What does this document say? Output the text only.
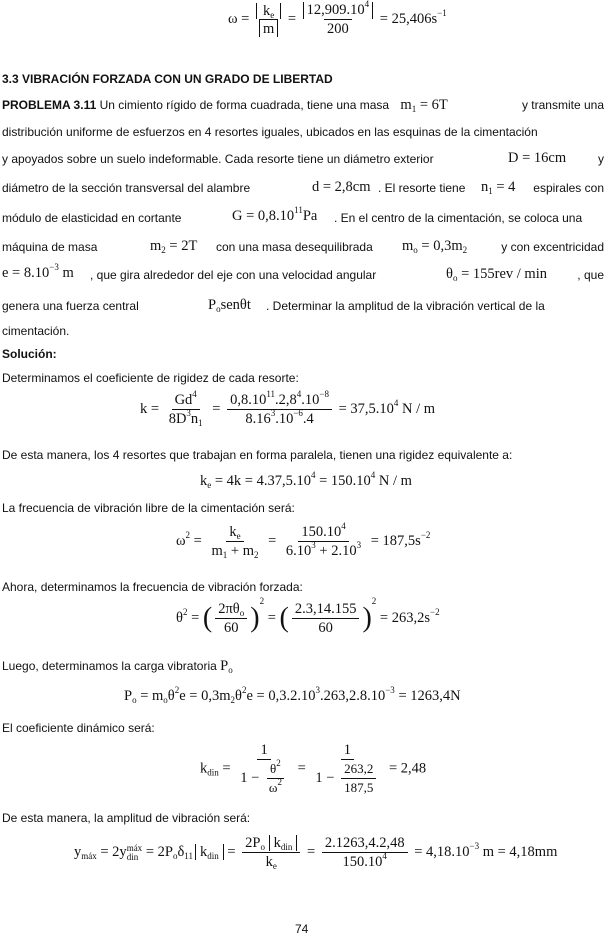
$\omega = \frac{k_e}{m} = \frac{12,909.10^4}{200} = 25,406s^{-1}$
3.3 VIBRACIÓN FORZADA CON UN GRADO DE LIBERTAD
PROBLEMA 3.11 Un cimiento rígido de forma cuadrada, tiene una masa $m_1 = 6T$	y transmite una
distribución uniforme de esfuerzos en 4 resortes iguales, ubicados en las esquinas de la cimentación
y apoyados sobre un suelo indeformable. Cada resorte tiene un diámetro exterior	D = 16cm	y
diámetro de la sección transversal del alambre	d = 2,8cm . El resorte tiene $n_1 = 4$ espirales con
módulo de elasticidad en cortante	$G = 0,8.10^{11}Pa$ . En el centro de la cimentación, se coloca una
máquina de masa	$m_2 = 2T$ con una masa desequilibrada $m_o = 0,3m_2$	y con excentricidad
$e = 8.10^{-3}$ m , que gira alrededor del eje con una velocidad angular	$\theta_o = 155rev / \min$	, que
genera una fuerza central	$P_osen\theta t$ . Determinar la amplitud de la vibración vertical de la
cimentación.
Solución:
Determinamos el coeficiente de rigidez de cada resorte:
$k = \frac{Gd^4}{8D^3n_1} = \frac{0,8.10^{11}.2,8^4.10^{-8}}{8.16^3.10^{-6}.4} = 37,5.10^4$ N / m
De esta manera, los 4 resortes que trabajan en forma paralela, tienen una rigidez equivalente a:
$k_e = 4k = 4.37,5.10^4 = 150.10^4$ N / m
La frecuencia de vibración libre de la cimentación será:
$\omega^2 = \frac{k_e}{m_1 + m_2} = \frac{150.10^4}{6.10^3 + 2.10^3} = 187,5s^{-2}$
Ahora, determinamos la frecuencia de vibración forzada:
$\theta^2$ = ( $\frac{2\pi\theta_o}{60} )^2$ = ( $\frac{2.3,14.155}{60} )^2 = 263,2s^{-2}$
Luego, determinamos la carga vibratoria $P_o$
$P_o = m_o\theta^2e = 0,3m_2\theta^2e = 0,3.2.10^3.263,2.8.10^{-3} = 1263,4N$
El coeficiente dinámico será:
$k_{din} = \frac{1}{1 - \frac{\theta^2}{\omega^2}} = \frac{1}{1 - \frac{263,2}{187,5}} = 2,48$
De esta manera, la amplitud de vibración será:
$y_{máx} = 2y$ máx
din = $2P_o\delta_{11}$ $k_{din} = \frac{2P_o k_{din}}{k_e} = \frac{2.1263,4.2,48}{150.10^4} = 4,18.10^{-3}$ m = 4,18mm
74
